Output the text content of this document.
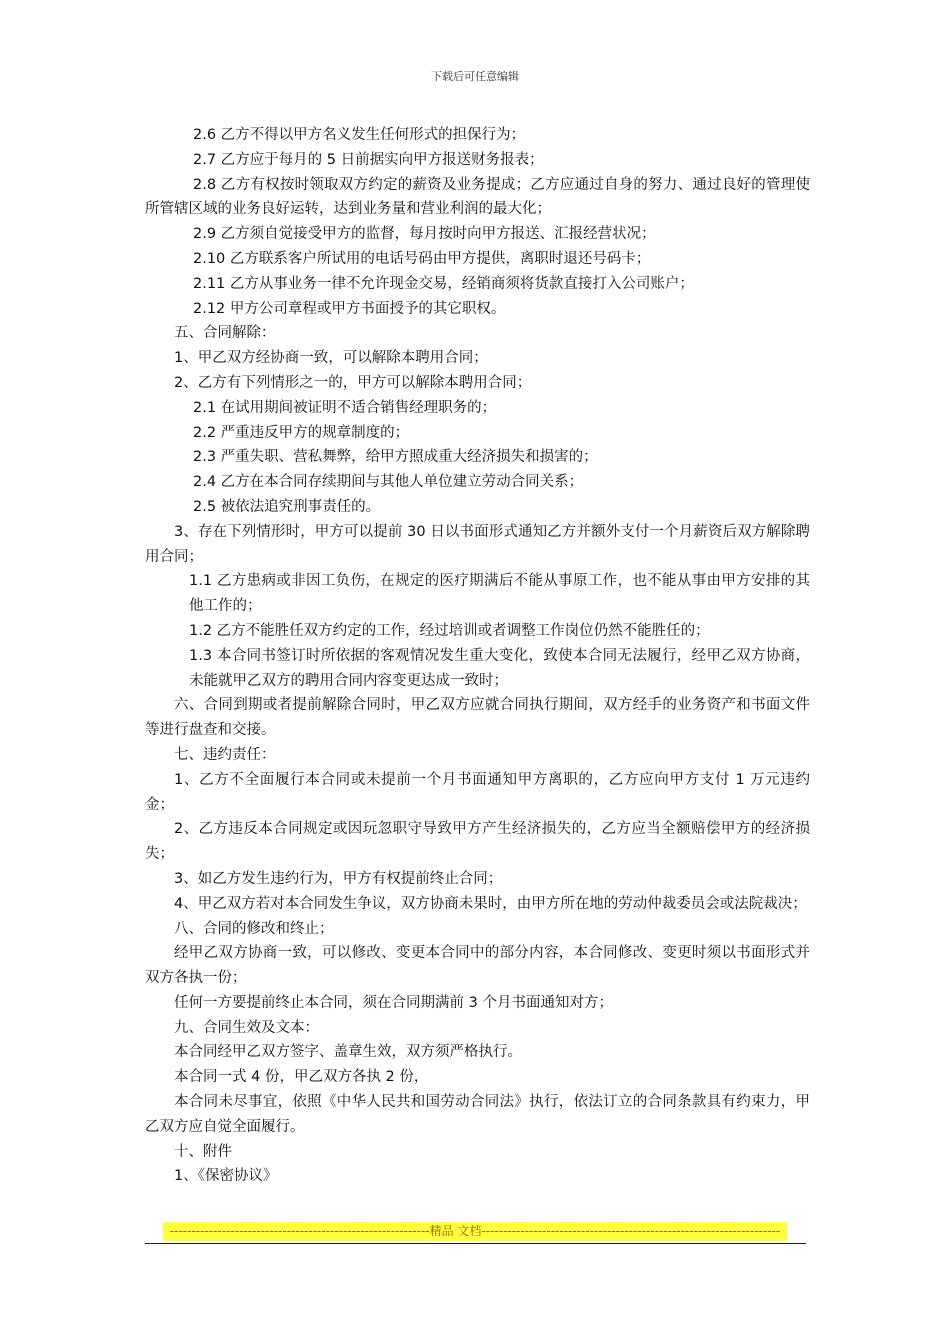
下载后可任意编辑

2.6 乙方不得以甲方名义发生任何形式的担保行为；

2.7 乙方应于每月的 5 日前据实向甲方报送财务报表；

2.8 乙方有权按时领取双方约定的薪资及业务提成；乙方应通过自身的努力、通过良好的管理使所管辖区域的业务良好运转，达到业务量和营业利润的最大化；

2.9 乙方须自觉接受甲方的监督，每月按时向甲方报送、汇报经营状况；

2.10 乙方联系客户所试用的电话号码由甲方提供，离职时退还号码卡；

2.11 乙方从事业务一律不允许现金交易，经销商须将货款直接打入公司账户；

2.12 甲方公司章程或甲方书面授予的其它职权。

五、合同解除：

1、甲乙双方经协商一致，可以解除本聘用合同；

2、乙方有下列情形之一的，甲方可以解除本聘用合同；

2.1 在试用期间被证明不适合销售经理职务的；

2.2 严重违反甲方的规章制度的；

2.3 严重失职、营私舞弊，给甲方照成重大经济损失和损害的；

2.4 乙方在本合同存续期间与其他人单位建立劳动合同关系；

2.5 被依法追究刑事责任的。

3、存在下列情形时，甲方可以提前 30 日以书面形式通知乙方并额外支付一个月薪资后双方解除聘用合同；

1.1 乙方患病或非因工负伤，在规定的医疗期满后不能从事原工作，也不能从事由甲方安排的其他工作的；

1.2 乙方不能胜任双方约定的工作，经过培训或者调整工作岗位仍然不能胜任的；

1.3 本合同书签订时所依据的客观情况发生重大变化，致使本合同无法履行，经甲乙双方协商，未能就甲乙双方的聘用合同内容变更达成一致时；

六、合同到期或者提前解除合同时，甲乙双方应就合同执行期间，双方经手的业务资产和书面文件等进行盘查和交接。

七、违约责任：

1、乙方不全面履行本合同或未提前一个月书面通知甲方离职的，乙方应向甲方支付 1 万元违约金；

2、乙方违反本合同规定或因玩忽职守导致甲方产生经济损失的，乙方应当全额赔偿甲方的经济损失；

3、如乙方发生违约行为，甲方有权提前终止合同；

4、甲乙双方若对本合同发生争议，双方协商未果时，由甲方所在地的劳动仲裁委员会或法院裁决；

八、合同的修改和终止；

经甲乙双方协商一致，可以修改、变更本合同中的部分内容，本合同修改、变更时须以书面形式并双方各执一份；

任何一方要提前终止本合同，须在合同期满前 3 个月书面通知对方；

九、合同生效及文本：

本合同经甲乙双方签字、盖章生效，双方须严格执行。

本合同一式 4 份，甲乙双方各执 2 份，

本合同未尽事宜，依照《中华人民共和国劳动合同法》执行，依法订立的合同条款具有约束力，甲乙双方应自觉全面履行。

十、附件

1、《保密协议》

------------------------------------------------------------精品 文档---------------------------------------------------------------------
